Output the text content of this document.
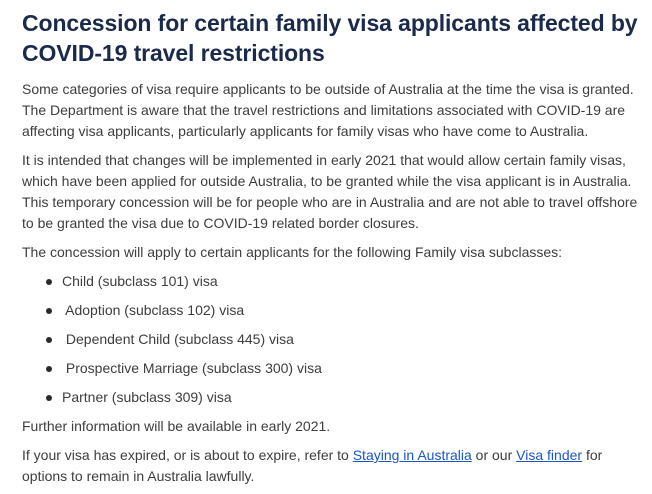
Concession for certain family visa applicants affected by COVID-19 travel restrictions

Some categories of visa require applicants to be outside of Australia at the time the visa is granted. The Department is aware that the travel restrictions and limitations associated with COVID-19 are affecting visa applicants, particularly applicants for family visas who have come to Australia.

It is intended that changes will be implemented in early 2021 that would allow certain family visas, which have been applied for outside Australia, to be granted while the visa applicant is in Australia. This temporary concession will be for people who are in Australia and are not able to travel offshore to be granted the visa due to COVID-19 related border closures.

The concession will apply to certain applicants for the following Family visa subclasses:

Child (subclass 101) visa
Adoption (subclass 102) visa
Dependent Child (subclass 445) visa
Prospective Marriage (subclass 300) visa
Partner (subclass 309) visa

Further information will be available in early 2021.

If your visa has expired, or is about to expire, refer to Staying in Australia or our Visa finder for options to remain in Australia lawfully.
